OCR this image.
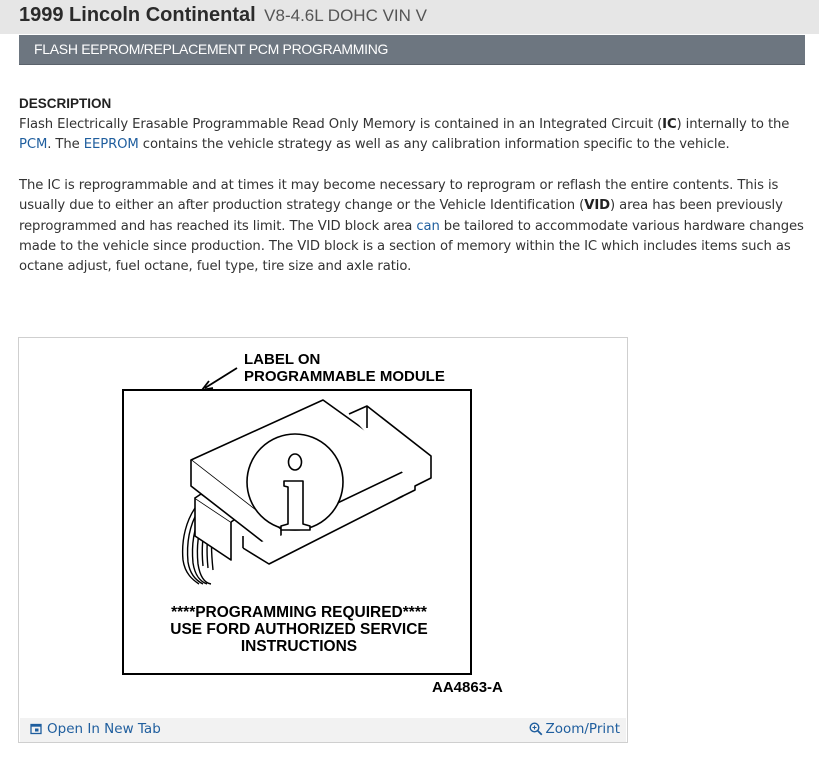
1999 Lincoln Continental V8-4.6L DOHC VIN V
FLASH EEPROM/REPLACEMENT PCM PROGRAMMING
DESCRIPTION

Flash Electrically Erasable Programmable Read Only Memory is contained in an Integrated Circuit (IC) internally to the PCM. The EEPROM contains the vehicle strategy as well as any calibration information specific to the vehicle.

The IC is reprogrammable and at times it may become necessary to reprogram or reflash the entire contents. This is usually due to either an after production strategy change or the Vehicle Identification (VID) area has been previously reprogrammed and has reached its limit. The VID block area can be tailored to accommodate various hardware changes made to the vehicle since production. The VID block is a section of memory within the IC which includes items such as octane adjust, fuel octane, fuel type, tire size and axle ratio.

LABEL ON
PROGRAMMABLE MODULE
****PROGRAMMING REQUIRED****
USE FORD AUTHORIZED SERVICE
INSTRUCTIONS
AA4863-A
Open In New Tab	Zoom/Print
